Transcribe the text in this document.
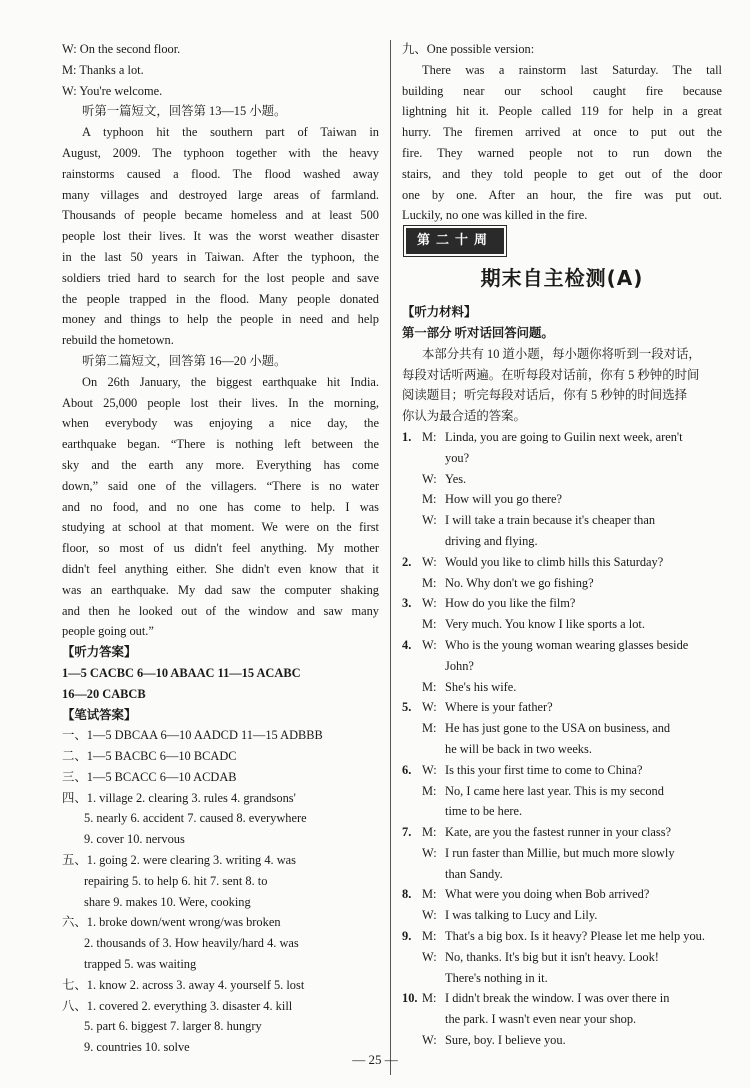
W: On the second floor.
M: Thanks a lot.
W: You're welcome.
听第一篇短文，回答第 13—15 小题。
A typhoon hit the southern part of Taiwan in
August, 2009. The typhoon together with the heavy
rainstorms caused a flood. The flood washed away
many villages and destroyed large areas of farmland.
Thousands of people became homeless and at least 500
people lost their lives. It was the worst weather disaster
in the last 50 years in Taiwan. After the typhoon, the
soldiers tried hard to search for the lost people and save
the people trapped in the flood. Many people donated
money and things to help the people in need and help
rebuild the hometown.
听第二篇短文，回答第 16—20 小题。
On 26th January, the biggest earthquake hit India.
About 25,000 people lost their lives. In the morning,
when everybody was enjoying a nice day, the
earthquake began. “There is nothing left between the
sky and the earth any more. Everything has come
down,” said one of the villagers. “There is no water
and no food, and no one has come to help. I was
studying at school at that moment. We were on the first
floor, so most of us didn't feel anything. My mother
didn't feel anything either. She didn't even know that it
was an earthquake. My dad saw the computer shaking
and then he looked out of the window and saw many
people going out.”
【听力答案】
1—5 CACBC 6—10 ABAAC 11—15 ACABC
16—20 CABCB
【笔试答案】
一、1—5 DBCAA 6—10 AADCD 11—15 ADBBB
二、1—5 BACBC 6—10 BCADC
三、1—5 BCACC 6—10 ACDAB
四、1. village 2. clearing 3. rules 4. grandsons'
5. nearly 6. accident 7. caused 8. everywhere
9. cover 10. nervous
五、1. going 2. were clearing 3. writing 4. was
repairing 5. to help 6. hit 7. sent 8. to
share 9. makes 10. Were, cooking
六、1. broke down/went wrong/was broken
2. thousands of 3. How heavily/hard 4. was
trapped 5. was waiting
七、1. know 2. across 3. away 4. yourself 5. lost
八、1. covered 2. everything 3. disaster 4. kill
5. part 6. biggest 7. larger 8. hungry
9. countries 10. solve
九、One possible version:
There was a rainstorm last Saturday. The tall
building near our school caught fire because
lightning hit it. People called 119 for help in a great
hurry. The firemen arrived at once to put out the
fire. They warned people not to run down the
stairs, and they told people to get out of the door
one by one. After an hour, the fire was put out.
Luckily, no one was killed in the fire.
第二十周
期末自主检测(A)
【听力材料】
第一部分 听对话回答问题。
本部分共有 10 道小题，每小题你将听到一段对话，
每段对话听两遍。在听每段对话前，你有 5 秒钟的时间
阅读题目；听完每段对话后，你有 5 秒钟的时间选择
你认为最合适的答案。
1. M: Linda, you are going to Guilin next week, aren't
you?
W: Yes.
M: How will you go there?
W: I will take a train because it's cheaper than
driving and flying.
2. W: Would you like to climb hills this Saturday?
M: No. Why don't we go fishing?
3. W: How do you like the film?
M: Very much. You know I like sports a lot.
4. W: Who is the young woman wearing glasses beside
John?
M: She's his wife.
5. W: Where is your father?
M: He has just gone to the USA on business, and
he will be back in two weeks.
6. W: Is this your first time to come to China?
M: No, I came here last year. This is my second
time to be here.
7. M: Kate, are you the fastest runner in your class?
W: I run faster than Millie, but much more slowly
than Sandy.
8. M: What were you doing when Bob arrived?
W: I was talking to Lucy and Lily.
9. M: That's a big box. Is it heavy? Please let me help you.
W: No, thanks. It's big but it isn't heavy. Look!
There's nothing in it.
10. M: I didn't break the window. I was over there in
the park. I wasn't even near your shop.
W: Sure, boy. I believe you.
— 25 —
